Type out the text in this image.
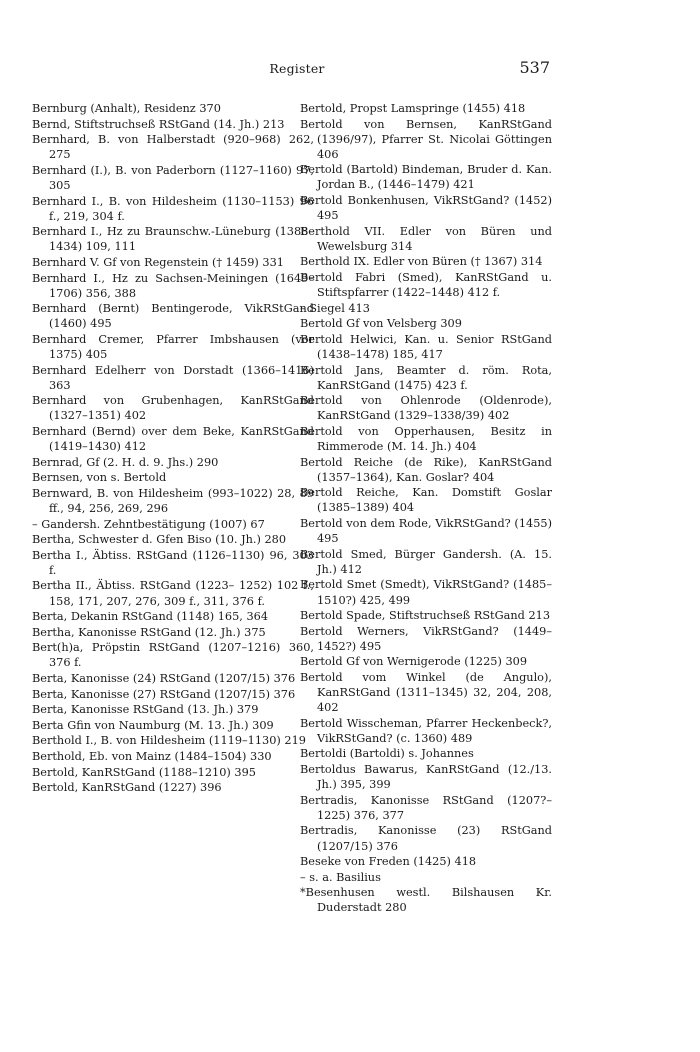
Register	537
Bernburg (Anhalt), Residenz 370
Bernd, Stiftstruchseß RStGand (14. Jh.) 213
Bernhard, B. von Halberstadt (920–968) 262, 275
Bernhard (I.), B. von Paderborn (1127–1160) 97, 305
Bernhard I., B. von Hildesheim (1130–1153) 96 f., 219, 304 f.
Bernhard I., Hz zu Braunschw.-Lüneburg (1388–1434) 109, 111
Bernhard V. Gf von Regenstein († 1459) 331
Bernhard I., Hz zu Sachsen-Meiningen (1649–1706) 356, 388
Bernhard (Bernt) Bentingerode, VikRStGand (1460) 495
Bernhard Cremer, Pfarrer Imbshausen (vor 1375) 405
Bernhard Edelherr von Dorstadt (1366–1416) 363
Bernhard von Grubenhagen, KanRStGand (1327–1351) 402
Bernhard (Bernd) over dem Beke, KanRStGand (1419–1430) 412
Bernrad, Gf (2. H. d. 9. Jhs.) 290
Bernsen, von s. Bertold
Bernward, B. von Hildesheim (993–1022) 28, 89 ff., 94, 256, 269, 296
– Gandersh. Zehntbestätigung (1007) 67
Bertha, Schwester d. Gfen Biso (10. Jh.) 280
Bertha I., Äbtiss. RStGand (1126–1130) 96, 303 f.
Bertha II., Äbtiss. RStGand (1223– 1252) 102 f., 158, 171, 207, 276, 309 f., 311, 376 f.
Berta, Dekanin RStGand (1148) 165, 364
Bertha, Kanonisse RStGand (12. Jh.) 375
Bert(h)a, Pröpstin RStGand (1207–1216) 360, 376 f.
Berta, Kanonisse (24) RStGand (1207/15) 376
Berta, Kanonisse (27) RStGand (1207/15) 376
Berta, Kanonisse RStGand (13. Jh.) 379
Berta Gfin von Naumburg (M. 13. Jh.) 309
Berthold I., B. von Hildesheim (1119–1130) 219
Berthold, Eb. von Mainz (1484–1504) 330
Bertold, KanRStGand (1188–1210) 395
Bertold, KanRStGand (1227) 396
Bertold, Propst Lamspringe (1455) 418
Bertold von Bernsen, KanRStGand (1396/97), Pfarrer St. Nicolai Göttingen 406
Bertold (Bartold) Bindeman, Bruder d. Kan. Jordan B., (1446–1479) 421
Bertold Bonkenhusen, VikRStGand? (1452) 495
Berthold VII. Edler von Büren und Wewelsburg 314
Berthold IX. Edler von Büren († 1367) 314
Bertold Fabri (Smed), KanRStGand u. Stiftspfarrer (1422–1448) 412 f.
– Siegel 413
Bertold Gf von Velsberg 309
Bertold Helwici, Kan. u. Senior RStGand (1438–1478) 185, 417
Bertold Jans, Beamter d. röm. Rota, KanRStGand (1475) 423 f.
Bertold von Ohlenrode (Oldenrode), KanRStGand (1329–1338/39) 402
Bertold von Opperhausen, Besitz in Rimmerode (M. 14. Jh.) 404
Bertold Reiche (de Rike), KanRStGand (1357–1364), Kan. Goslar? 404
Bertold Reiche, Kan. Domstift Goslar (1385–1389) 404
Bertold von dem Rode, VikRStGand? (1455) 495
Bertold Smed, Bürger Gandersh. (A. 15. Jh.) 412
Bertold Smet (Smedt), VikRStGand? (1485–1510?) 425, 499
Bertold Spade, Stiftstruchseß RStGand 213
Bertold Werners, VikRStGand? (1449–1452?) 495
Bertold Gf von Wernigerode (1225) 309
Bertold vom Winkel (de Angulo), KanRStGand (1311–1345) 32, 204, 208, 402
Bertold Wisscheman, Pfarrer Heckenbeck?, VikRStGand? (c. 1360) 489
Bertoldi (Bartoldi) s. Johannes
Bertoldus Bawarus, KanRStGand (12./13. Jh.) 395, 399
Bertradis, Kanonisse RStGand (1207?–1225) 376, 377
Bertradis, Kanonisse (23) RStGand (1207/15) 376
Beseke von Freden (1425) 418
– s. a. Basilius
*Besenhusen westl. Bilshausen Kr. Duderstadt 280
